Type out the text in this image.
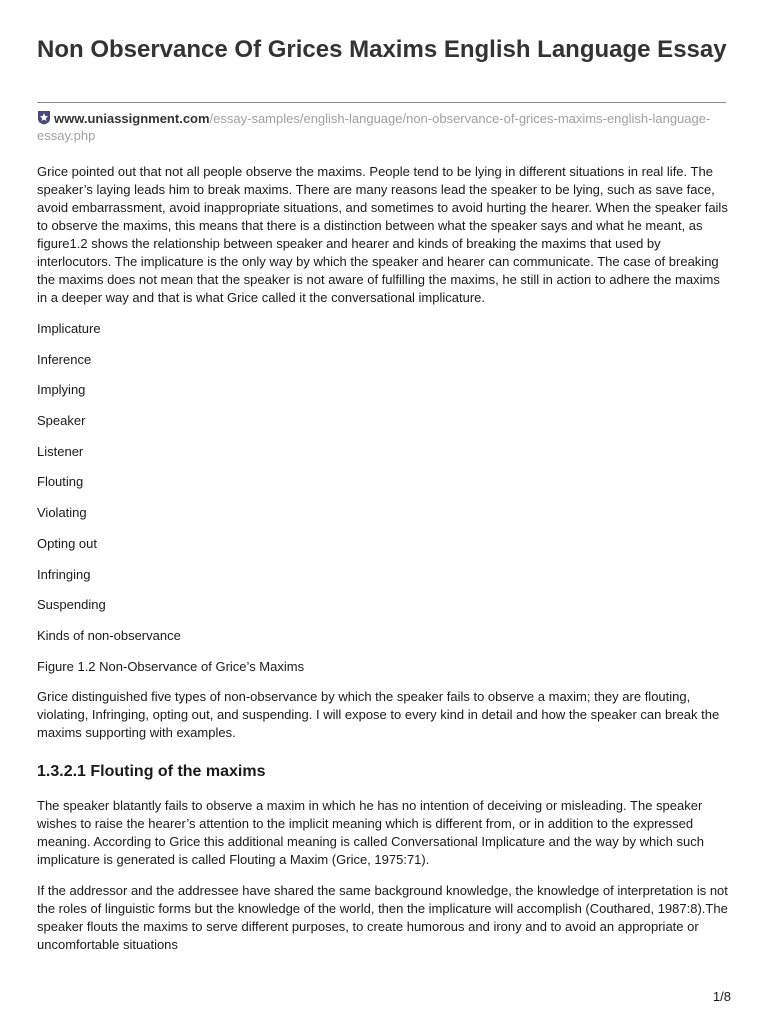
Non Observance Of Grices Maxims English Language Essay
www.uniassignment.com/essay-samples/english-language/non-observance-of-grices-maxims-english-language-essay.php

Grice pointed out that not all people observe the maxims. People tend to be lying in different situations in real life. The speaker’s laying leads him to break maxims. There are many reasons lead the speaker to be lying, such as save face, avoid embarrassment, avoid inappropriate situations, and sometimes to avoid hurting the hearer. When the speaker fails to observe the maxims, this means that there is a distinction between what the speaker says and what he meant, as figure1.2 shows the relationship between speaker and hearer and kinds of breaking the maxims that used by interlocutors. The implicature is the only way by which the speaker and hearer can communicate. The case of breaking the maxims does not mean that the speaker is not aware of fulfilling the maxims, he still in action to adhere the maxims in a deeper way and that is what Grice called it the conversational implicature.

Implicature
Inference
Implying
Speaker
Listener
Flouting
Violating
Opting out
Infringing
Suspending
Kinds of non-observance

Figure 1.2 Non-Observance of Grice’s Maxims

Grice distinguished five types of non-observance by which the speaker fails to observe a maxim; they are flouting, violating, Infringing, opting out, and suspending. I will expose to every kind in detail and how the speaker can break the maxims supporting with examples.

1.3.2.1 Flouting of the maxims

The speaker blatantly fails to observe a maxim in which he has no intention of deceiving or misleading. The speaker wishes to raise the hearer’s attention to the implicit meaning which is different from, or in addition to the expressed meaning. According to Grice this additional meaning is called Conversational Implicature and the way by which such implicature is generated is called Flouting a Maxim (Grice, 1975:71).

If the addressor and the addressee have shared the same background knowledge, the knowledge of interpretation is not the roles of linguistic forms but the knowledge of the world, then the implicature will accomplish (Couthared, 1987:8).The speaker flouts the maxims to serve different purposes, to create humorous and irony and to avoid an appropriate or uncomfortable situations

1/8
